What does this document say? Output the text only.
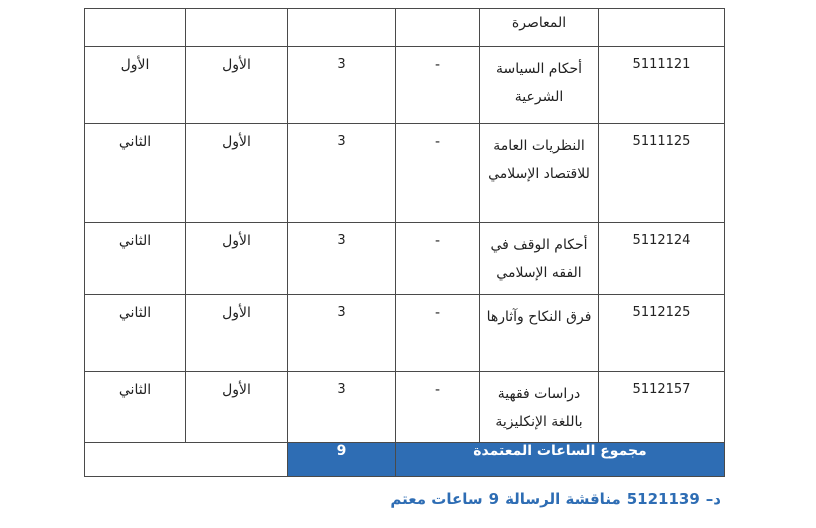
				المعاصرة	

الأول	الأول	3	-	أحكام السياسة الشرعية	5111121

الثاني	الأول	3	-	النظريات العامة للاقتصاد الإسلامي	5111125

الثاني	الأول	3	-	أحكام الوقف في الفقه الإسلامي	5112124

الثاني	الأول	3	-	فرق النكاح وآثارها	5112125

الثاني	الأول	3	-	دراسات فقهية باللغة الإنكليزية	5112157

		9	مجموع الساعات المعتمدة		
د–5121139مناقشة الرسالة9ساعات معتم
